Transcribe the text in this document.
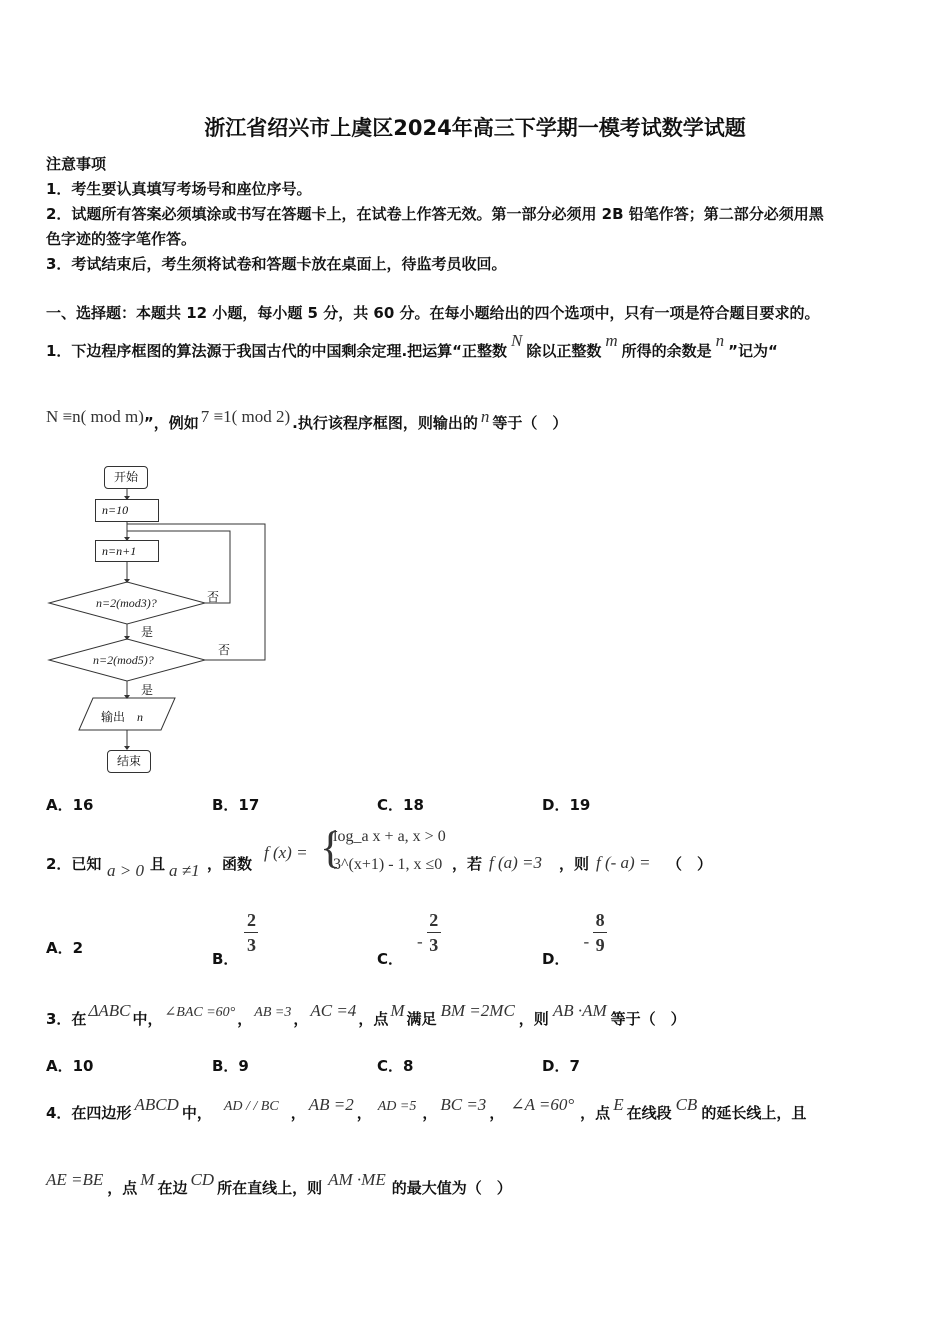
浙江省绍兴市上虞区2024年高三下学期一模考试数学试题
注意事项
1．考生要认真填写考场号和座位序号。
2．试题所有答案必须填涂或书写在答题卡上，在试卷上作答无效。第一部分必须用 2B 铅笔作答；第二部分必须用黑
色字迹的签字笔作答。
3．考试结束后，考生须将试卷和答题卡放在桌面上，待监考员收回。
一、选择题：本题共 12 小题，每小题 5 分，共 60 分。在每小题给出的四个选项中，只有一项是符合题目要求的。
1．下边程序框图的算法源于我国古代的中国剩余定理.把运算“正整数N除以正整数m所得的余数是n”记为“
N ≡n( mod m)”，例如 7 ≡1( mod 2) .执行该程序框图，则输出的 n 等于（　）
n=2(mod3)?
n=2(mod5)?
开始
n=10
n=n+1
否
否
是
是
输出 n
结束
A．16	B．17	C．18	D．19
2．已知 a > 0 且 a ≠1 ，函数
f (x) = {
log_a x + a, x > 0
3^(x+1) - 1, x ≤0 ，若 f (a) =3 ，则 f (- a) = （　）
A．2
B．
$\frac{2}{3}$
C．- $\frac{2}{3}$
D．- $\frac{8}{9}$
3．在 ΔABC 中， ∠BAC =60° ， AB =3 ， AC =4 ，点 M 满足 BM =2MC ，则 AB ·AM 等于（　）
A．10	B．9	C．8	D．7
4．在四边形 ABCD 中， AD / / BC ， AB =2 ， AD =5 ， BC =3 ， ∠A =60° ，点 E 在线段 CB 的延长线上，且
AE =BE ，点 M 在边 CD 所在直线上，则 AM ·ME 的最大值为（　）
